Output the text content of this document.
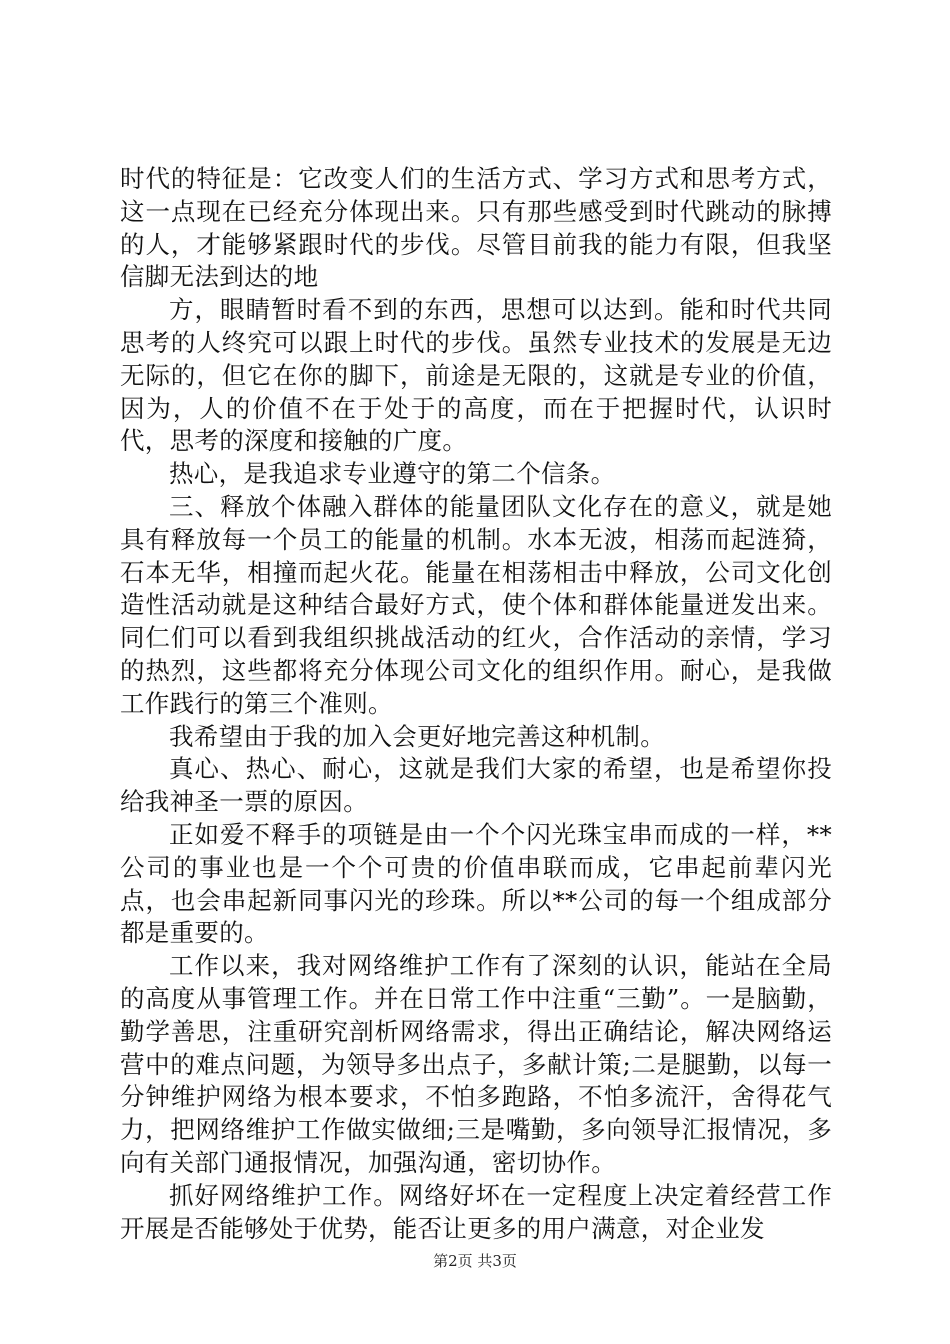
时代的特征是：它改变人们的生活方式、学习方式和思考方式，这一点现在已经充分体现出来。只有那些感受到时代跳动的脉搏的人，才能够紧跟时代的步伐。尽管目前我的能力有限，但我坚信脚无法到达的地

方，眼睛暂时看不到的东西，思想可以达到。能和时代共同思考的人终究可以跟上时代的步伐。虽然专业技术的发展是无边无际的，但它在你的脚下，前途是无限的，这就是专业的价值，因为，人的价值不在于处于的高度，而在于把握时代，认识时代，思考的深度和接触的广度。

热心，是我追求专业遵守的第二个信条。

三、释放个体融入群体的能量团队文化存在的意义，就是她具有释放每一个员工的能量的机制。水本无波，相荡而起涟猗，石本无华，相撞而起火花。能量在相荡相击中释放，公司文化创造性活动就是这种结合最好方式，使个体和群体能量迸发出来。同仁们可以看到我组织挑战活动的红火，合作活动的亲情，学习的热烈，这些都将充分体现公司文化的组织作用。耐心，是我做工作践行的第三个准则。

我希望由于我的加入会更好地完善这种机制。

真心、热心、耐心，这就是我们大家的希望，也是希望你投给我神圣一票的原因。

正如爱不释手的项链是由一个个闪光珠宝串而成的一样，**公司的事业也是一个个可贵的价值串联而成，它串起前辈闪光点，也会串起新同事闪光的珍珠。所以**公司的每一个组成部分都是重要的。

工作以来，我对网络维护工作有了深刻的认识，能站在全局的高度从事管理工作。并在日常工作中注重“三勤”。一是脑勤，勤学善思，注重研究剖析网络需求，得出正确结论，解决网络运营中的难点问题，为领导多出点子，多献计策;二是腿勤，以每一分钟维护网络为根本要求，不怕多跑路，不怕多流汗，舍得花气力，把网络维护工作做实做细;三是嘴勤，多向领导汇报情况，多向有关部门通报情况，加强沟通，密切协作。

抓好网络维护工作。网络好坏在一定程度上决定着经营工作开展是否能够处于优势，能否让更多的用户满意，对企业发

第2页 共3页
